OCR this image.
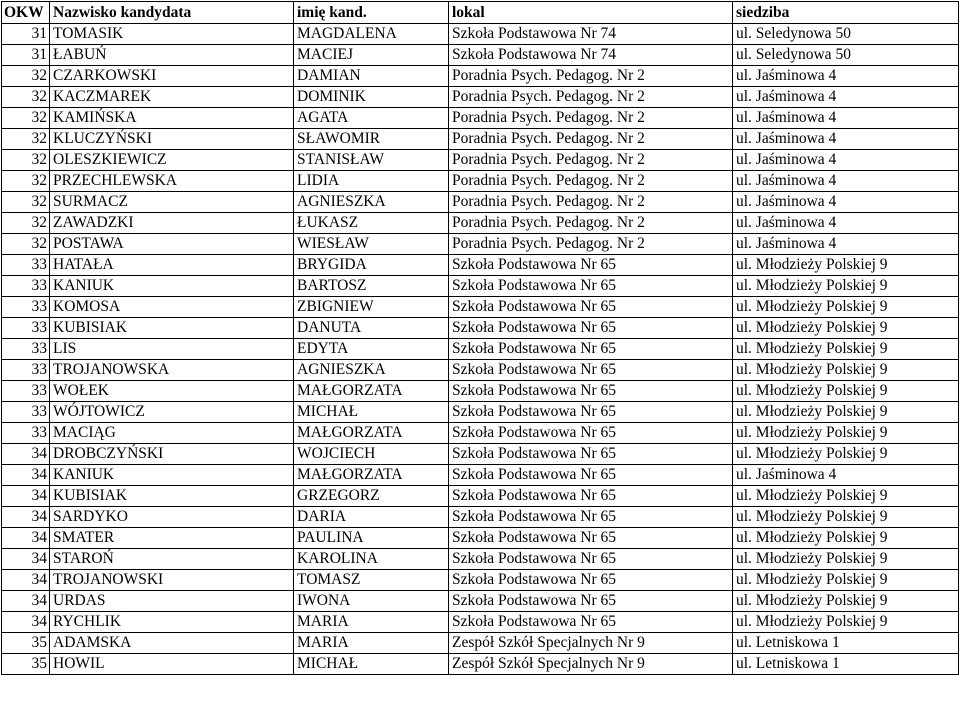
OKW	Nazwisko kandydata	imię kand.	lokal	siedziba
31	TOMASIK	MAGDALENA	Szkoła Podstawowa Nr 74	ul. Seledynowa 50
31	ŁABUŃ	MACIEJ	Szkoła Podstawowa Nr 74	ul. Seledynowa 50
32	CZARKOWSKI	DAMIAN	Poradnia Psych. Pedagog. Nr 2	ul. Jaśminowa 4
32	KACZMAREK	DOMINIK	Poradnia Psych. Pedagog. Nr 2	ul. Jaśminowa 4
32	KAMIŃSKA	AGATA	Poradnia Psych. Pedagog. Nr 2	ul. Jaśminowa 4
32	KLUCZYŃSKI	SŁAWOMIR	Poradnia Psych. Pedagog. Nr 2	ul. Jaśminowa 4
32	OLESZKIEWICZ	STANISŁAW	Poradnia Psych. Pedagog. Nr 2	ul. Jaśminowa 4
32	PRZECHLEWSKA	LIDIA	Poradnia Psych. Pedagog. Nr 2	ul. Jaśminowa 4
32	SURMACZ	AGNIESZKA	Poradnia Psych. Pedagog. Nr 2	ul. Jaśminowa 4
32	ZAWADZKI	ŁUKASZ	Poradnia Psych. Pedagog. Nr 2	ul. Jaśminowa 4
32	POSTAWA	WIESŁAW	Poradnia Psych. Pedagog. Nr 2	ul. Jaśminowa 4
33	HATAŁA	BRYGIDA	Szkoła Podstawowa Nr 65	ul. Młodzieży Polskiej 9
33	KANIUK	BARTOSZ	Szkoła Podstawowa Nr 65	ul. Młodzieży Polskiej 9
33	KOMOSA	ZBIGNIEW	Szkoła Podstawowa Nr 65	ul. Młodzieży Polskiej 9
33	KUBISIAK	DANUTA	Szkoła Podstawowa Nr 65	ul. Młodzieży Polskiej 9
33	LIS	EDYTA	Szkoła Podstawowa Nr 65	ul. Młodzieży Polskiej 9
33	TROJANOWSKA	AGNIESZKA	Szkoła Podstawowa Nr 65	ul. Młodzieży Polskiej 9
33	WOŁEK	MAŁGORZATA	Szkoła Podstawowa Nr 65	ul. Młodzieży Polskiej 9
33	WÓJTOWICZ	MICHAŁ	Szkoła Podstawowa Nr 65	ul. Młodzieży Polskiej 9
33	MACIĄG	MAŁGORZATA	Szkoła Podstawowa Nr 65	ul. Młodzieży Polskiej 9
34	DROBCZYŃSKI	WOJCIECH	Szkoła Podstawowa Nr 65	ul. Młodzieży Polskiej 9
34	KANIUK	MAŁGORZATA	Szkoła Podstawowa Nr 65	ul. Jaśminowa 4
34	KUBISIAK	GRZEGORZ	Szkoła Podstawowa Nr 65	ul. Młodzieży Polskiej 9
34	SARDYKO	DARIA	Szkoła Podstawowa Nr 65	ul. Młodzieży Polskiej 9
34	SMATER	PAULINA	Szkoła Podstawowa Nr 65	ul. Młodzieży Polskiej 9
34	STAROŃ	KAROLINA	Szkoła Podstawowa Nr 65	ul. Młodzieży Polskiej 9
34	TROJANOWSKI	TOMASZ	Szkoła Podstawowa Nr 65	ul. Młodzieży Polskiej 9
34	URDAS	IWONA	Szkoła Podstawowa Nr 65	ul. Młodzieży Polskiej 9
34	RYCHLIK	MARIA	Szkoła Podstawowa Nr 65	ul. Młodzieży Polskiej 9
35	ADAMSKA	MARIA	Zespół Szkół Specjalnych Nr 9	ul. Letniskowa 1
35	HOWIL	MICHAŁ	Zespół Szkół Specjalnych Nr 9	ul. Letniskowa 1
